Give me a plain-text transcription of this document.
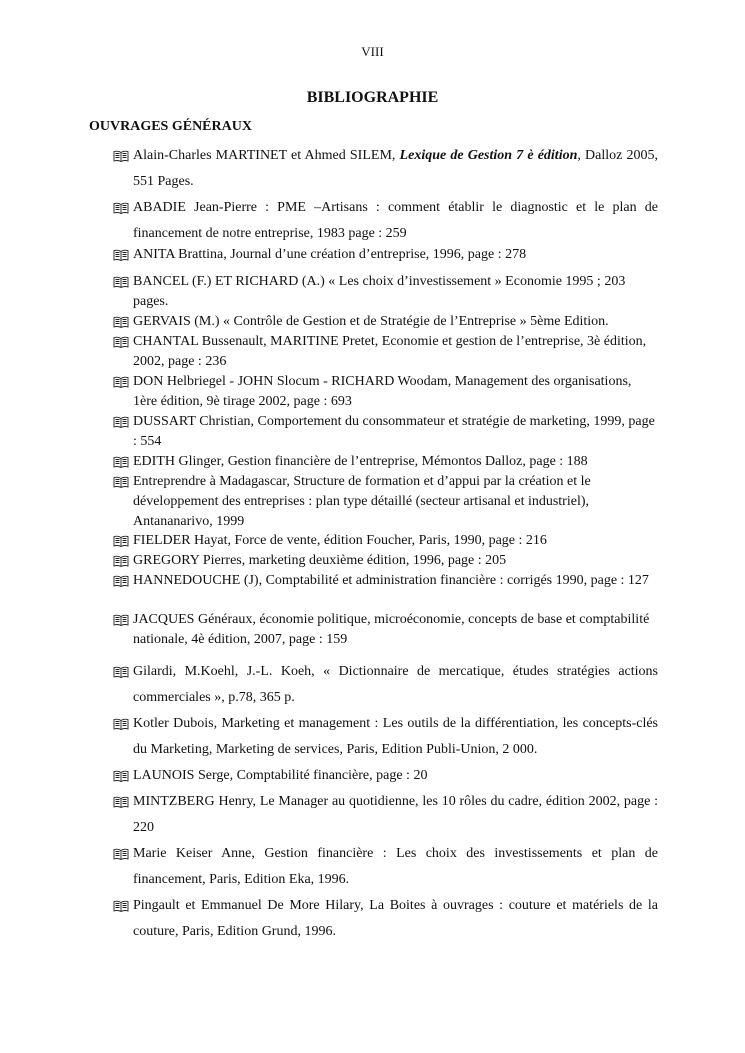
VIII
BIBLIOGRAPHIE
OUVRAGES GÉNÉRAUX
Alain-Charles MARTINET et Ahmed SILEM, Lexique de Gestion 7 è édition, Dalloz 2005, 551 Pages.
ABADIE Jean-Pierre : PME –Artisans : comment établir le diagnostic et le plan de financement de notre entreprise, 1983 page : 259
ANITA Brattina, Journal d’une création d’entreprise, 1996, page : 278
BANCEL (F.) ET RICHARD (A.) « Les choix d’investissement » Economie 1995 ; 203 pages.
GERVAIS (M.) « Contrôle de Gestion et de Stratégie de l’Entreprise » 5ème Edition.
CHANTAL Bussenault, MARITINE Pretet, Economie et gestion de l’entreprise, 3è édition, 2002, page : 236
DON Helbriegel - JOHN Slocum - RICHARD Woodam, Management des organisations, 1ère édition, 9è tirage 2002, page : 693
DUSSART Christian, Comportement du consommateur et stratégie de marketing, 1999, page : 554
EDITH Glinger, Gestion financière de l’entreprise, Mémontos Dalloz, page : 188
Entreprendre à Madagascar, Structure de formation et d’appui par la création et le développement des entreprises : plan type détaillé (secteur artisanal et industriel), Antananarivo, 1999
FIELDER Hayat, Force de vente, édition Foucher, Paris, 1990, page : 216
GREGORY Pierres, marketing deuxième édition, 1996, page : 205
HANNEDOUCHE (J), Comptabilité et administration financière : corrigés 1990, page : 127
JACQUES Généraux, économie politique, microéconomie, concepts de base et comptabilité nationale, 4è édition, 2007, page : 159
Gilardi, M.Koehl, J.-L. Koeh, « Dictionnaire de mercatique, études stratégies actions commerciales », p.78, 365 p.
Kotler Dubois, Marketing et management : Les outils de la différentiation, les concepts-clés du Marketing, Marketing de services, Paris, Edition Publi-Union, 2 000.
LAUNOIS Serge, Comptabilité financière, page : 20
MINTZBERG Henry, Le Manager au quotidienne, les 10 rôles du cadre, édition 2002, page : 220
Marie Keiser Anne, Gestion financière : Les choix des investissements et plan de financement, Paris, Edition Eka, 1996.
Pingault et Emmanuel De More Hilary, La Boites à ouvrages : couture et matériels de la couture, Paris, Edition Grund, 1996.
